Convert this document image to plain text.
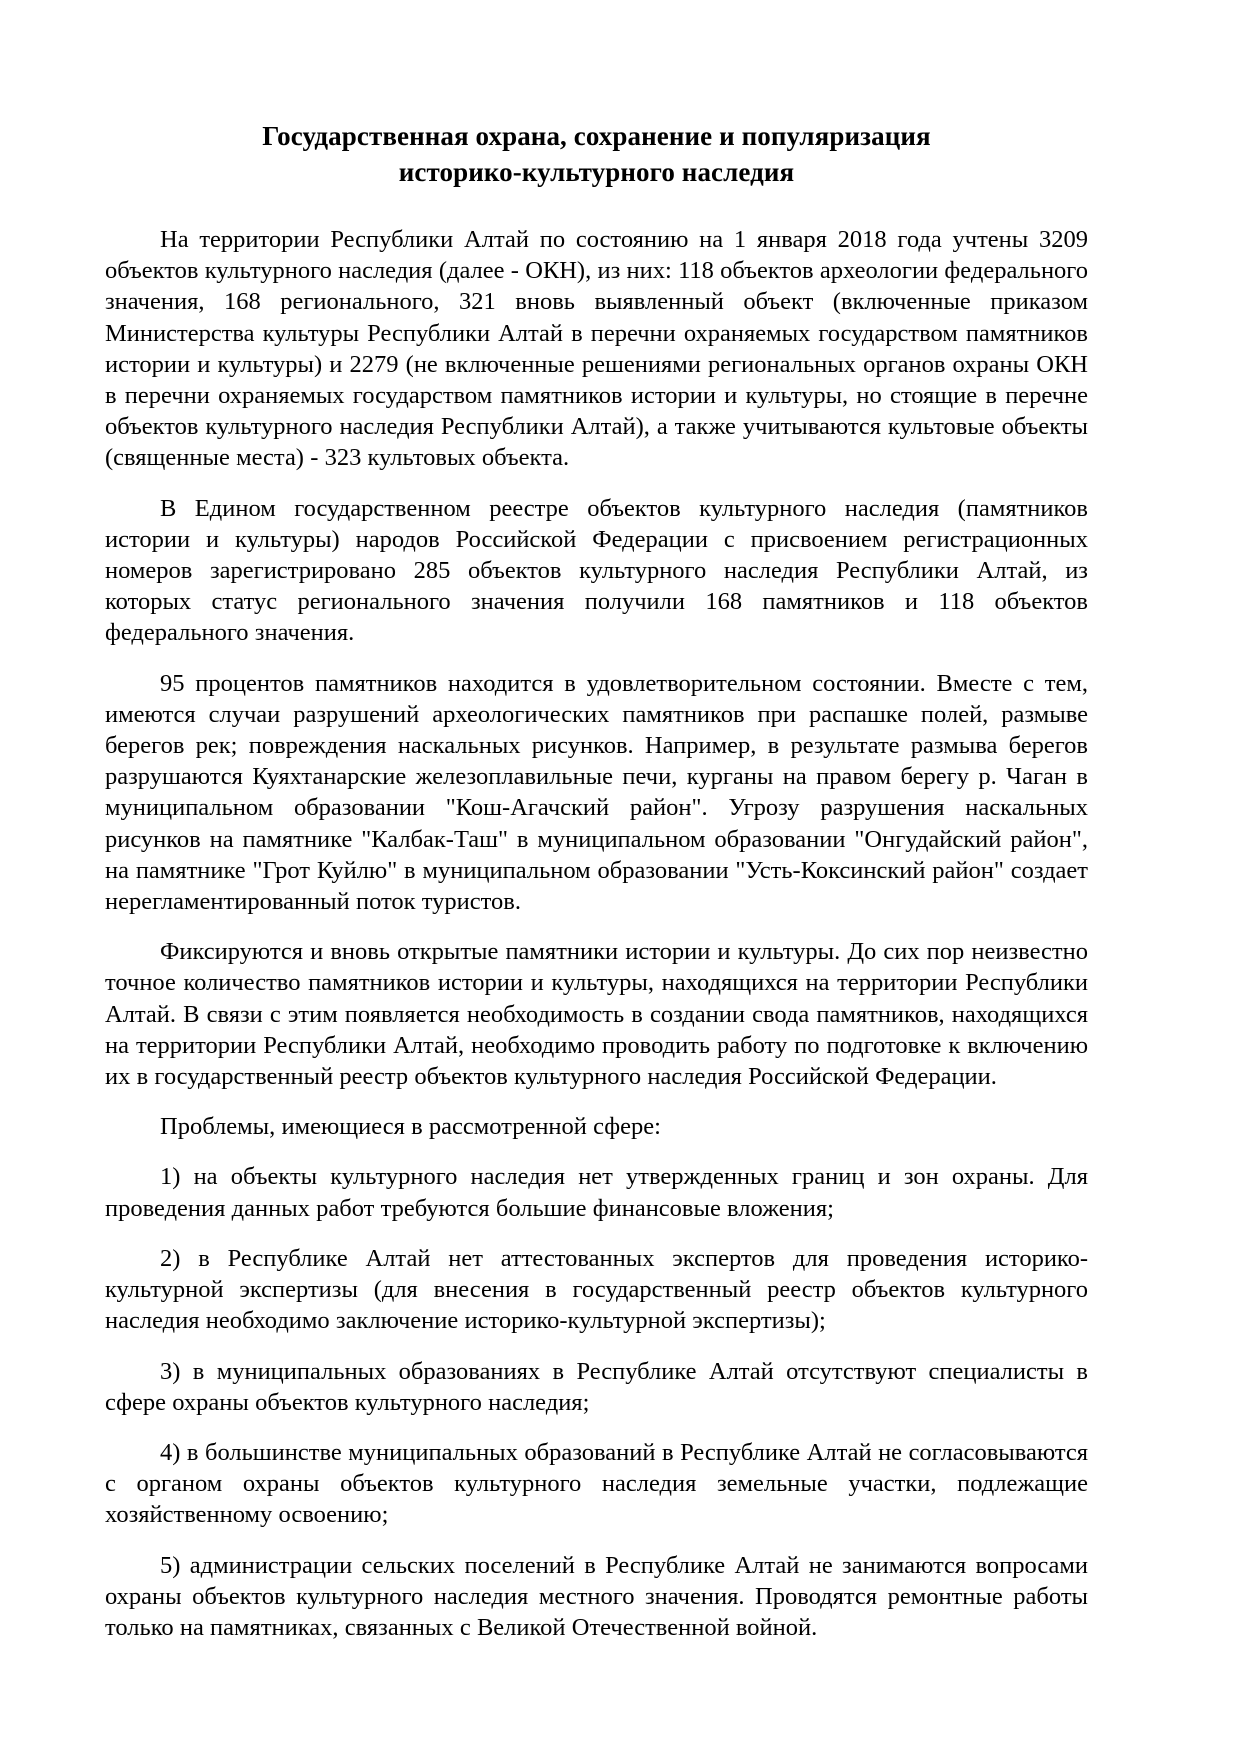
Государственная охрана, сохранение и популяризация
историко-культурного наследия

На территории Республики Алтай по состоянию на 1 января 2018 года учтены 3209 объектов культурного наследия (далее - ОКН), из них: 118 объектов археологии федерального значения, 168 регионального, 321 вновь выявленный объект (включенные приказом Министерства культуры Республики Алтай в перечни охраняемых государством памятников истории и культуры) и 2279 (не включенные решениями региональных органов охраны ОКН в перечни охраняемых государством памятников истории и культуры, но стоящие в перечне объектов культурного наследия Республики Алтай), а также учитываются культовые объекты (священные места) - 323 культовых объекта.

В Едином государственном реестре объектов культурного наследия (памятников истории и культуры) народов Российской Федерации с присвоением регистрационных номеров зарегистрировано 285 объектов культурного наследия Республики Алтай, из которых статус регионального значения получили 168 памятников и 118 объектов федерального значения.

95 процентов памятников находится в удовлетворительном состоянии. Вместе с тем, имеются случаи разрушений археологических памятников при распашке полей, размыве берегов рек; повреждения наскальных рисунков. Например, в результате размыва берегов разрушаются Куяхтанарские железоплавильные печи, курганы на правом берегу р. Чаган в муниципальном образовании "Кош-Агачский район". Угрозу разрушения наскальных рисунков на памятнике "Калбак-Таш" в муниципальном образовании "Онгудайский район", на памятнике "Грот Куйлю" в муниципальном образовании "Усть-Коксинский район" создает нерегламентированный поток туристов.

Фиксируются и вновь открытые памятники истории и культуры. До сих пор неизвестно точное количество памятников истории и культуры, находящихся на территории Республики Алтай. В связи с этим появляется необходимость в создании свода памятников, находящихся на территории Республики Алтай, необходимо проводить работу по подготовке к включению их в государственный реестр объектов культурного наследия Российской Федерации.

Проблемы, имеющиеся в рассмотренной сфере:

1) на объекты культурного наследия нет утвержденных границ и зон охраны. Для проведения данных работ требуются большие финансовые вложения;

2) в Республике Алтай нет аттестованных экспертов для проведения историко-культурной экспертизы (для внесения в государственный реестр объектов культурного наследия необходимо заключение историко-культурной экспертизы);

3) в муниципальных образованиях в Республике Алтай отсутствуют специалисты в сфере охраны объектов культурного наследия;

4) в большинстве муниципальных образований в Республике Алтай не согласовываются с органом охраны объектов культурного наследия земельные участки, подлежащие хозяйственному освоению;

5) администрации сельских поселений в Республике Алтай не занимаются вопросами охраны объектов культурного наследия местного значения. Проводятся ремонтные работы только на памятниках, связанных с Великой Отечественной войной.
